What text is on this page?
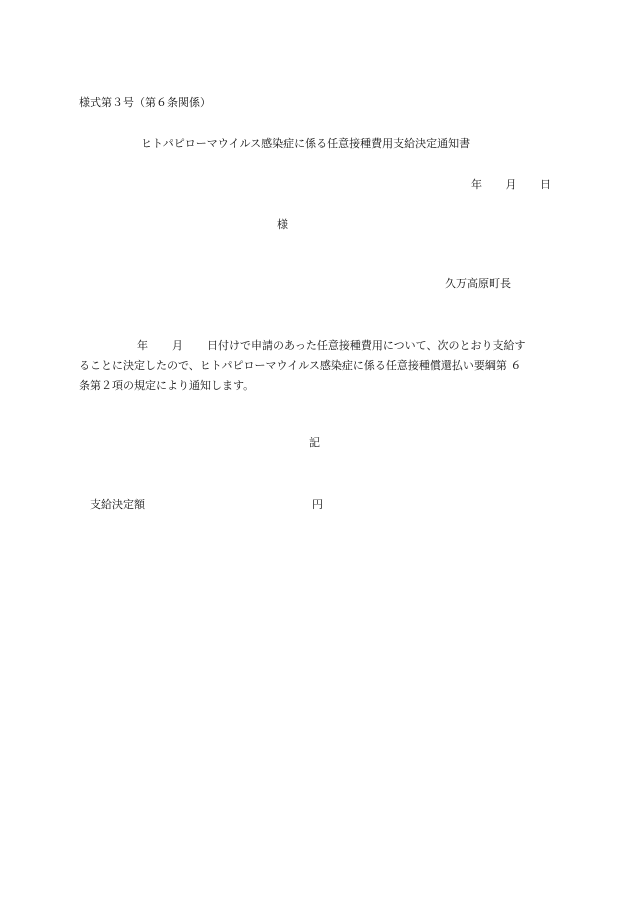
様式第３号（第６条関係）
ヒトパピローマウイルス感染症に係る任意接種費用支給決定通知書
年 月 日
様
久万高原町長
年 月 日付けで申請のあった任意接種費用について、次のとおり支給す
ることに決定したので、ヒトパピローマウイルス感染症に係る任意接種償還払い要綱第 ６
条第２項の規定により通知します。
記
支給決定額	円
